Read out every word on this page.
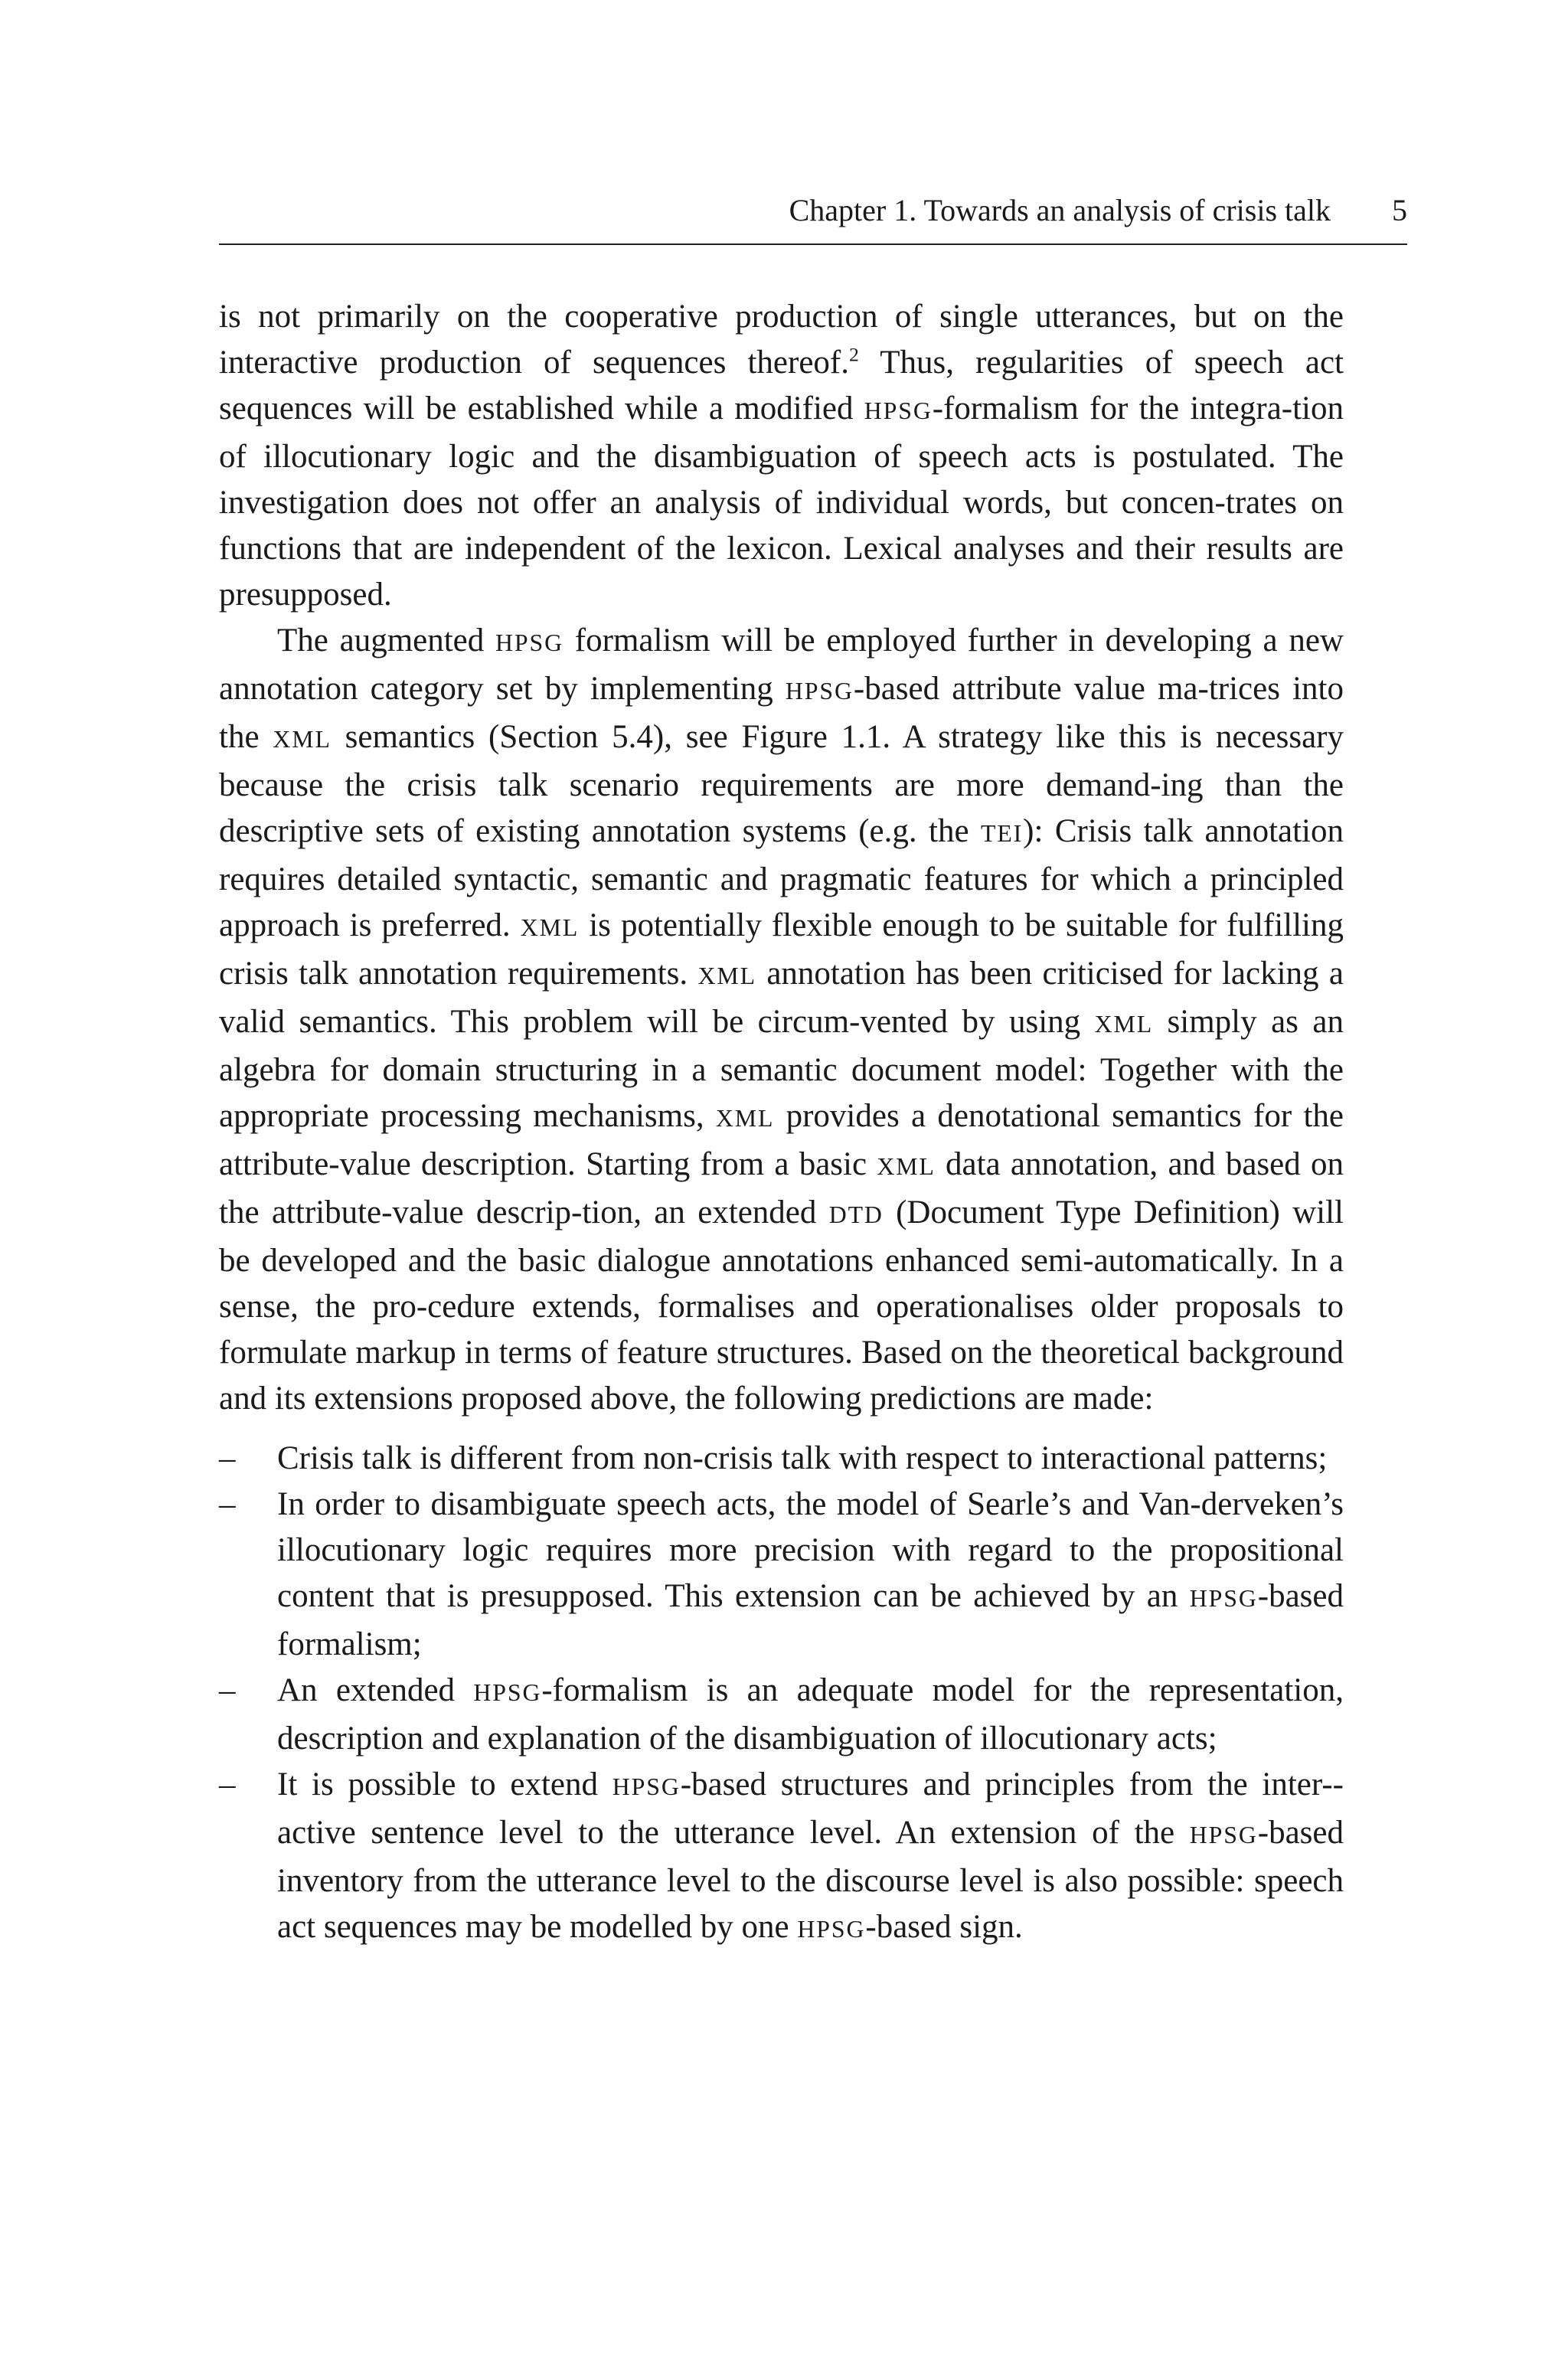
Chapter 1. Towards an analysis of crisis talk 5

is not primarily on the cooperative production of single utterances, but on the interactive production of sequences thereof.$^2$ Thus, regularities of speech act sequences will be established while a modified HPSG-formalism for the integra-tion of illocutionary logic and the disambiguation of speech acts is postulated. The investigation does not offer an analysis of individual words, but concen-trates on functions that are independent of the lexicon. Lexical analyses and their results are presupposed.

The augmented HPSG formalism will be employed further in developing a new annotation category set by implementing HPSG-based attribute value ma-trices into the XML semantics (Section 5.4), see Figure 1.1. A strategy like this is necessary because the crisis talk scenario requirements are more demand-ing than the descriptive sets of existing annotation systems (e.g. the TEI): Crisis talk annotation requires detailed syntactic, semantic and pragmatic features for which a principled approach is preferred. XML is potentially flexible enough to be suitable for fulfilling crisis talk annotation requirements. XML annotation has been criticised for lacking a valid semantics. This problem will be circum-vented by using XML simply as an algebra for domain structuring in a semantic document model: Together with the appropriate processing mechanisms, XML provides a denotational semantics for the attribute-value description. Starting from a basic XML data annotation, and based on the attribute-value descrip-tion, an extended DTD (Document Type Definition) will be developed and the basic dialogue annotations enhanced semi-automatically. In a sense, the pro-cedure extends, formalises and operationalises older proposals to formulate markup in terms of feature structures. Based on the theoretical background and its extensions proposed above, the following predictions are made:

– Crisis talk is different from non-crisis talk with respect to interactional patterns;
– In order to disambiguate speech acts, the model of Searle’s and Van-derveken’s illocutionary logic requires more precision with regard to the propositional content that is presupposed. This extension can be achieved by an HPSG-based formalism;
– An extended HPSG-formalism is an adequate model for the representation, description and explanation of the disambiguation of illocutionary acts;
– It is possible to extend HPSG-based structures and principles from the inter-active sentence level to the utterance level. An extension of the HPSG-based inventory from the utterance level to the discourse level is also possible: speech act sequences may be modelled by one HPSG-based sign.
